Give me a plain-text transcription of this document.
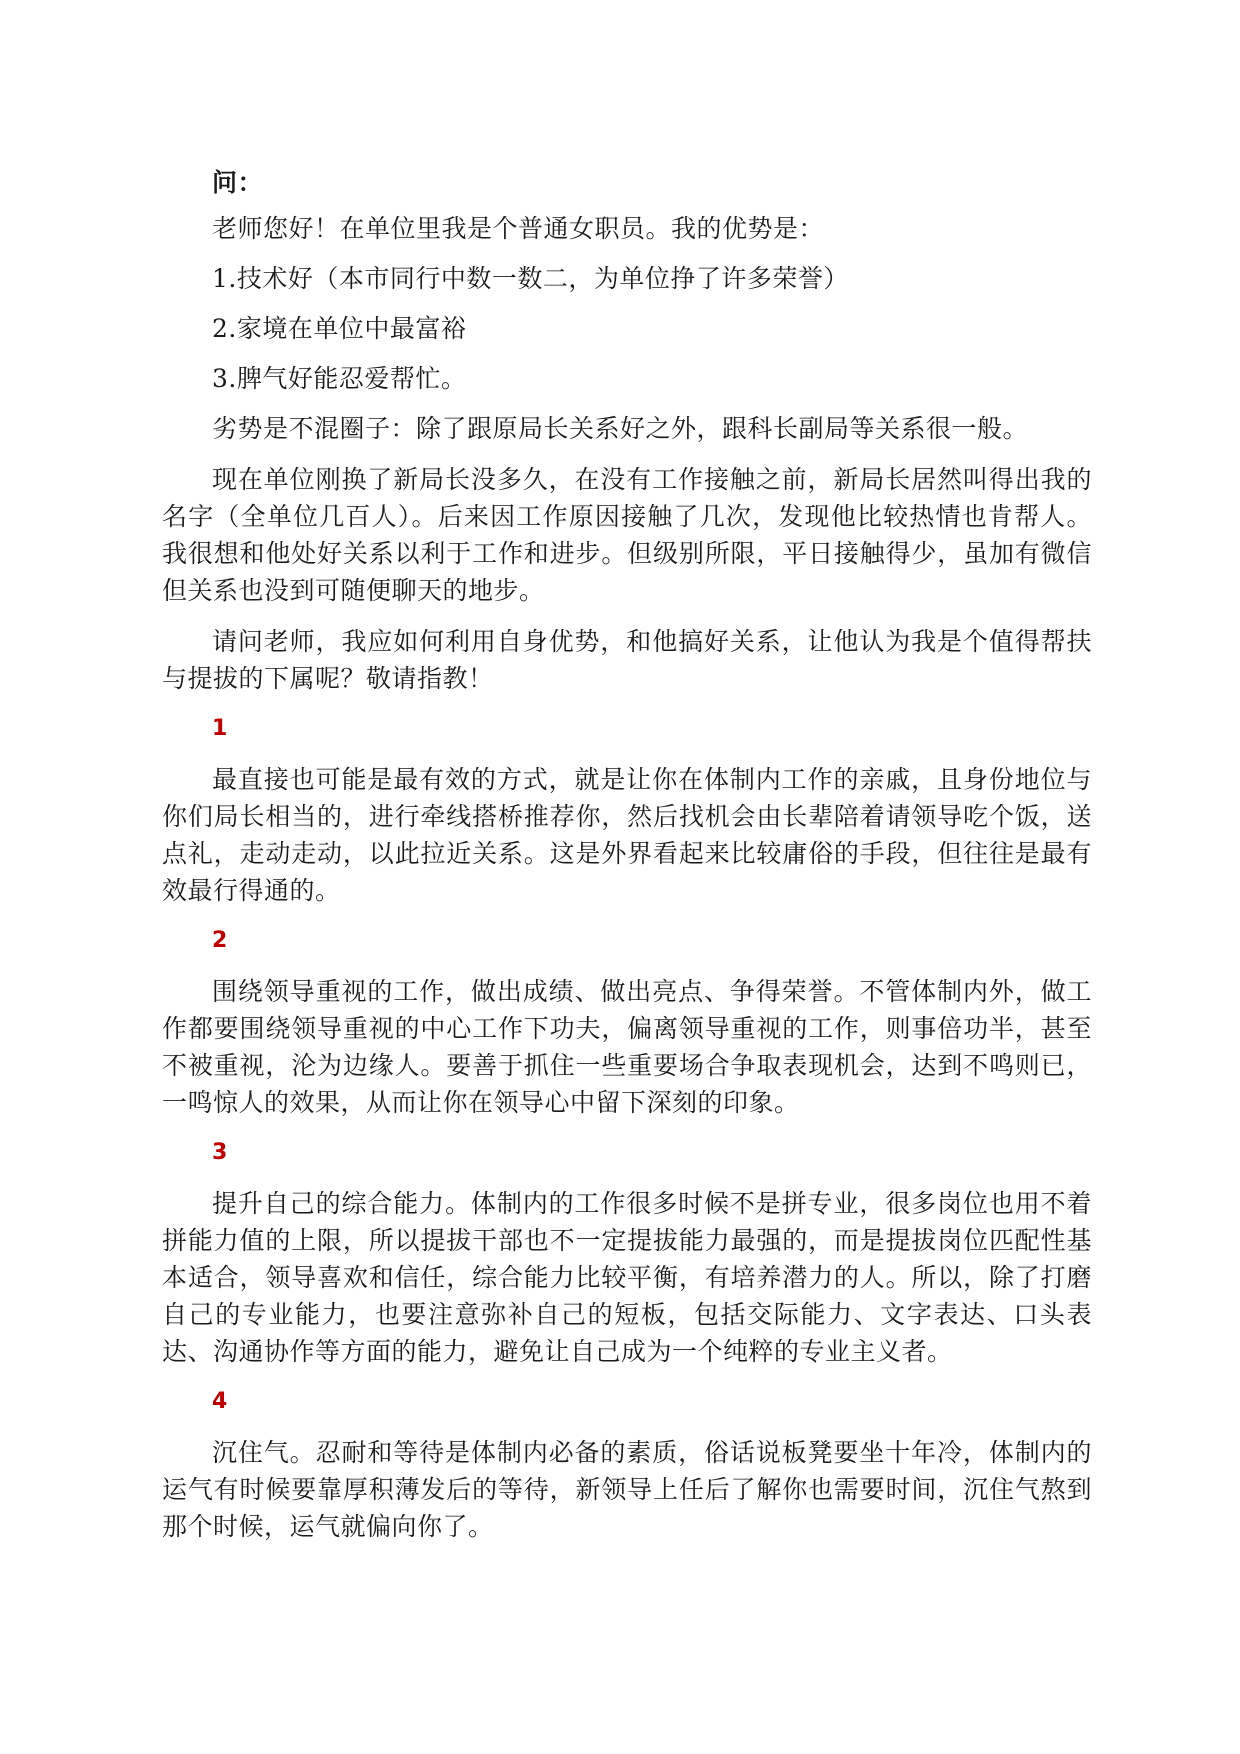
问：

老师您好！在单位里我是个普通女职员。我的优势是：

1.技术好（本市同行中数一数二，为单位挣了许多荣誉）

2.家境在单位中最富裕

3.脾气好能忍爱帮忙。

劣势是不混圈子：除了跟原局长关系好之外，跟科长副局等关系很一般。

现在单位刚换了新局长没多久，在没有工作接触之前，新局长居然叫得出我的名字（全单位几百人）。后来因工作原因接触了几次，发现他比较热情也肯帮人。我很想和他处好关系以利于工作和进步。但级别所限，平日接触得少，虽加有微信但关系也没到可随便聊天的地步。

请问老师，我应如何利用自身优势，和他搞好关系，让他认为我是个值得帮扶与提拔的下属呢？敬请指教！

1

最直接也可能是最有效的方式，就是让你在体制内工作的亲戚，且身份地位与你们局长相当的，进行牵线搭桥推荐你，然后找机会由长辈陪着请领导吃个饭，送点礼，走动走动，以此拉近关系。这是外界看起来比较庸俗的手段，但往往是最有效最行得通的。

2

围绕领导重视的工作，做出成绩、做出亮点、争得荣誉。不管体制内外，做工作都要围绕领导重视的中心工作下功夫，偏离领导重视的工作，则事倍功半，甚至不被重视，沦为边缘人。要善于抓住一些重要场合争取表现机会，达到不鸣则已，一鸣惊人的效果，从而让你在领导心中留下深刻的印象。

3

提升自己的综合能力。体制内的工作很多时候不是拼专业，很多岗位也用不着拼能力值的上限，所以提拔干部也不一定提拔能力最强的，而是提拔岗位匹配性基本适合，领导喜欢和信任，综合能力比较平衡，有培养潜力的人。所以，除了打磨自己的专业能力，也要注意弥补自己的短板，包括交际能力、文字表达、口头表达、沟通协作等方面的能力，避免让自己成为一个纯粹的专业主义者。

4

沉住气。忍耐和等待是体制内必备的素质，俗话说板凳要坐十年冷，体制内的运气有时候要靠厚积薄发后的等待，新领导上任后了解你也需要时间，沉住气熬到那个时候，运气就偏向你了。
